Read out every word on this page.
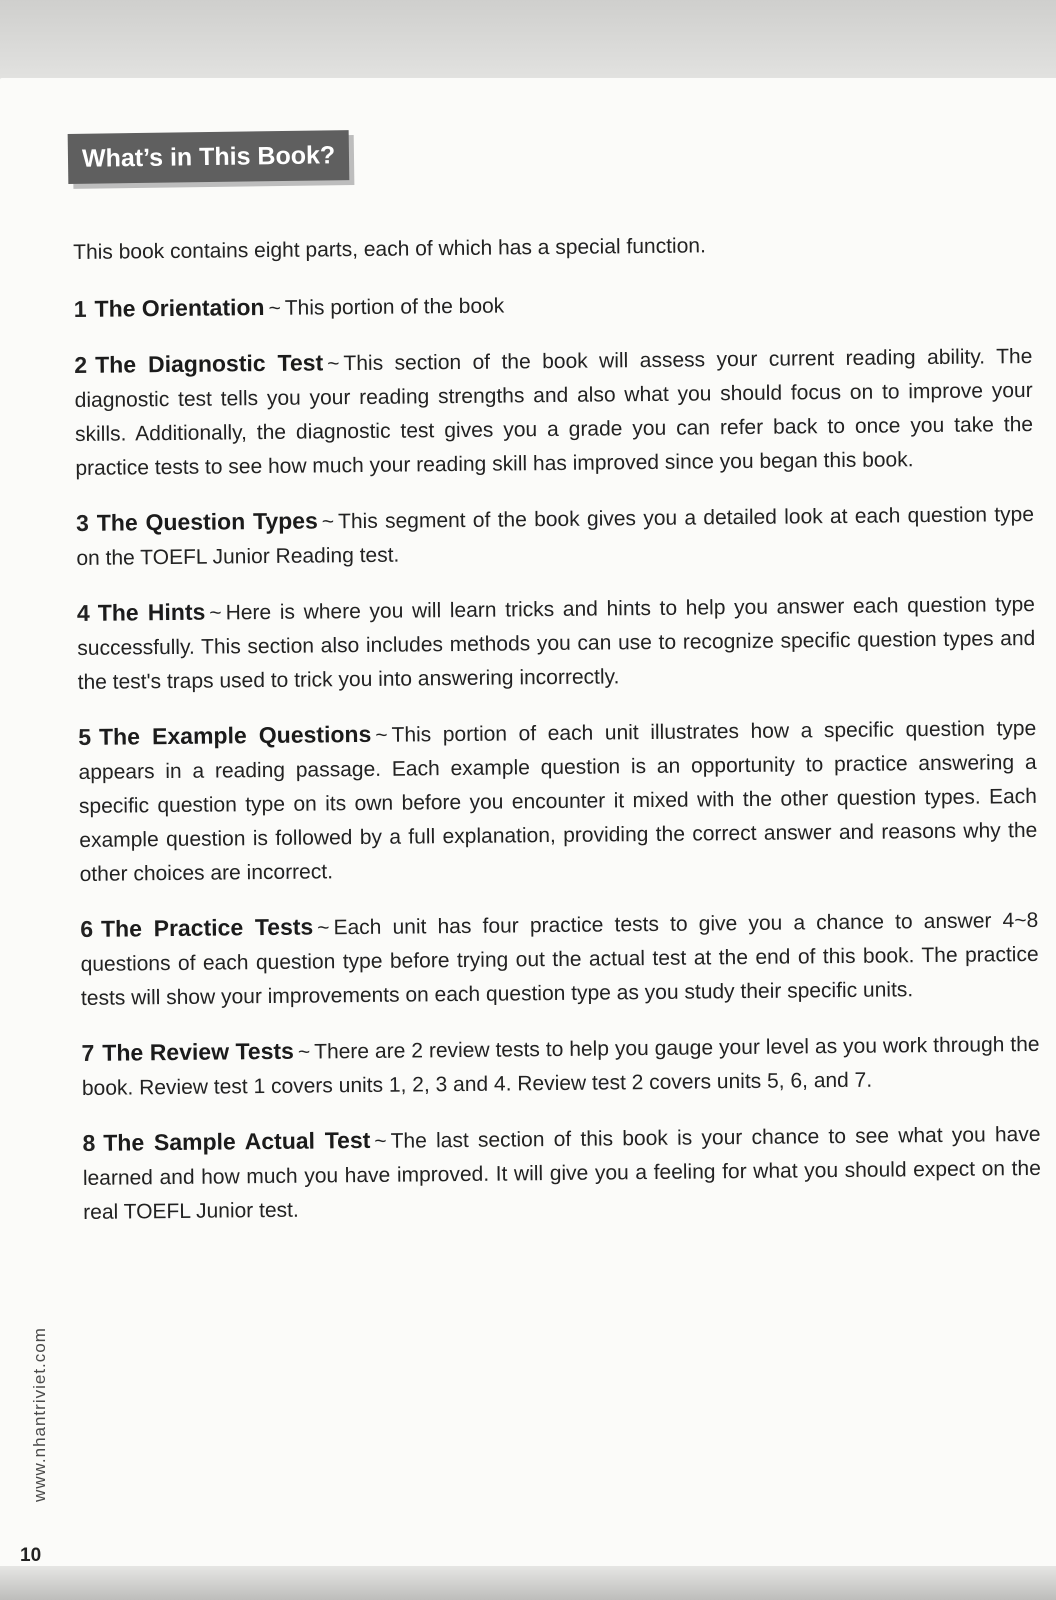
What’s in This Book?

This book contains eight parts, each of which has a special function.

1 The Orientation ~ This portion of the book

2 The Diagnostic Test ~ This section of the book will assess your current reading ability. The diagnostic test tells you your reading strengths and also what you should focus on to improve your skills. Additionally, the diagnostic test gives you a grade you can refer back to once you take the practice tests to see how much your reading skill has improved since you began this book.

3 The Question Types ~ This segment of the book gives you a detailed look at each question type on the TOEFL Junior Reading test.

4 The Hints ~ Here is where you will learn tricks and hints to help you answer each question type successfully. This section also includes methods you can use to recognize specific question types and the test's traps used to trick you into answering incorrectly.

5 The Example Questions ~ This portion of each unit illustrates how a specific question type appears in a reading passage. Each example question is an opportunity to practice answering a specific question type on its own before you encounter it mixed with the other question types. Each example question is followed by a full explanation, providing the correct answer and reasons why the other choices are incorrect.

6 The Practice Tests ~ Each unit has four practice tests to give you a chance to answer 4~8 questions of each question type before trying out the actual test at the end of this book. The practice tests will show your improvements on each question type as you study their specific units.

7 The Review Tests ~ There are 2 review tests to help you gauge your level as you work through the book. Review test 1 covers units 1, 2, 3 and 4. Review test 2 covers units 5, 6, and 7.

8 The Sample Actual Test ~ The last section of this book is your chance to see what you have learned and how much you have improved. It will give you a feeling for what you should expect on the real TOEFL Junior test.

www.nhantriviet.com
10
